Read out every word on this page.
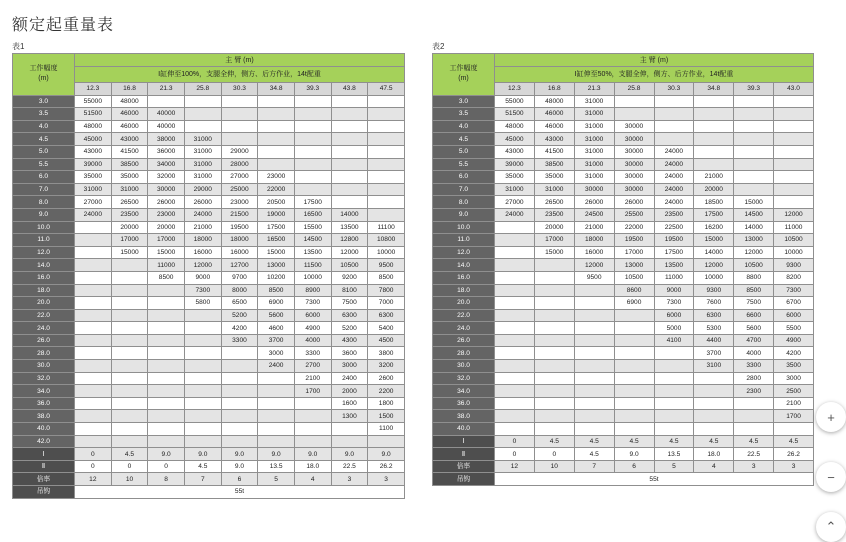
额定起重量表
表1
工作幅度
(m)	主 臂 (m)								
	Ⅰ缸伸至100%，支腿全伸，侧方、后方作业，14t配重								
	12.3	16.8	21.3	25.8	30.3	34.8	39.3	43.8	47.5
3.0	55000	48000							
3.5	51500	46000	40000						
4.0	48000	46000	40000						
4.5	45000	43000	38000	31000					
5.0	43000	41500	36000	31000	29000				
5.5	39000	38500	34000	31000	28000				
6.0	35000	35000	32000	31000	27000	23000			
7.0	31000	31000	30000	29000	25000	22000			
8.0	27000	26500	26000	26000	23000	20500	17500		
9.0	24000	23500	23000	24000	21500	19000	16500	14000	
10.0		20000	20000	21000	19500	17500	15500	13500	11100
11.0		17000	17000	18000	18000	16500	14500	12800	10800
12.0		15000	15000	16000	16000	15000	13500	12000	10000
14.0			11000	12000	12700	13000	11500	10500	9500
16.0			8500	9000	9700	10200	10000	9200	8500
18.0				7300	8000	8500	8900	8100	7800
20.0				5800	6500	6900	7300	7500	7000
22.0					5200	5600	6000	6300	6300
24.0					4200	4600	4900	5200	5400
26.0					3300	3700	4000	4300	4500
28.0						3000	3300	3600	3800
30.0						2400	2700	3000	3200
32.0							2100	2400	2600
34.0							1700	2000	2200
36.0								1600	1800
38.0								1300	1500
40.0									1100
42.0									
Ⅰ	0	4.5	9.0	9.0	9.0	9.0	9.0	9.0	9.0
Ⅱ	0	0	0	4.5	9.0	13.5	18.0	22.5	26.2
倍率	12	10	8	7	6	5	4	3	3
吊钩	55t								
表2
工作幅度
(m)	主 臂 (m)							
	Ⅰ缸伸至50%，支腿全伸，侧方、后方作业，14t配重							
	12.3	16.8	21.3	25.8	30.3	34.8	39.3	43.0
3.0	55000	48000	31000					
3.5	51500	46000	31000					
4.0	48000	46000	31000	30000				
4.5	45000	43000	31000	30000				
5.0	43000	41500	31000	30000	24000			
5.5	39000	38500	31000	30000	24000			
6.0	35000	35000	31000	30000	24000	21000		
7.0	31000	31000	30000	30000	24000	20000		
8.0	27000	26500	26000	26000	24000	18500	15000	
9.0	24000	23500	24500	25500	23500	17500	14500	12000
10.0		20000	21000	22000	22500	16200	14000	11000
11.0		17000	18000	19500	19500	15000	13000	10500
12.0		15000	16000	17000	17500	14000	12000	10000
14.0			12000	13000	13500	12000	10500	9300
16.0			9500	10500	11000	10000	8800	8200
18.0				8600	9000	9300	8500	7300
20.0				6900	7300	7600	7500	6700
22.0					6000	6300	6600	6000
24.0					5000	5300	5600	5500
26.0					4100	4400	4700	4900
28.0						3700	4000	4200
30.0						3100	3300	3500
32.0							2800	3000
34.0							2300	2500
36.0								2100
38.0								1700
40.0								
Ⅰ	0	4.5	4.5	4.5	4.5	4.5	4.5	4.5
Ⅱ	0	0	4.5	9.0	13.5	18.0	22.5	26.2
倍率	12	10	7	6	5	4	3	3
吊钩	55t							
+
−
⌃
